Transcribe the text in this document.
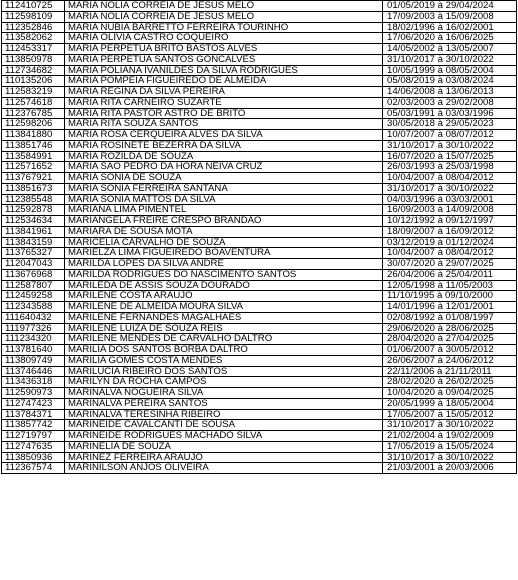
112410725	MARIA NOLIA CORREIA DE JESUS MELO	01/05/2019 à 29/04/2024
112598109	MARIA NOLIA CORREIA DE JESUS MELO	17/09/2003 à 15/09/2008
112352846	MARIA NUBIA BARRETTO FERREIRA TOURINHO	18/02/1996 à 16/02/2001
113582062	MARIA OLIVIA CASTRO COQUEIRO	17/06/2020 à 16/06/2025
112453317	MARIA PERPETUA BRITO BASTOS ALVES	14/05/2002 à 13/05/2007
113850978	MARIA PERPETUA SANTOS GONCALVES	31/10/2017 à 30/10/2022
112734682	MARIA POLIANA IVANILDES DA SILVA RODRIGUES	10/05/1999 à 08/05/2004
110135206	MARIA POMPEIA FIGUEIREDO DE ALMEIDA	05/08/2019 à 03/08/2024
112583219	MARIA REGINA DA SILVA PEREIRA	14/06/2008 à 13/06/2013
112574618	MARIA RITA CARNEIRO SUZARTE	02/03/2003 à 29/02/2008
112376785	MARIA RITA PASTOR ASTRO DE BRITO	05/03/1991 à 03/03/1996
112598206	MARIA RITA SOUZA SANTOS	30/05/2018 à 29/05/2023
113841880	MARIA ROSA CERQUEIRA ALVES DA SILVA	10/07/2007 à 08/07/2012
113851746	MARIA ROSINETE BEZERRA DA SILVA	31/10/2017 à 30/10/2022
113584991	MARIA ROZILDA DE SOUZA	16/07/2020 à 15/07/2025
112571652	MARIA SAO PEDRO DA HORA NEIVA CRUZ	26/03/1993 à 25/03/1998
113767921	MARIA SONIA DE SOUZA	10/04/2007 à 08/04/2012
113851673	MARIA SONIA FERREIRA SANTANA	31/10/2017 à 30/10/2022
112385548	MARIA SONIA MATTOS DA SILVA	04/03/1996 à 03/03/2001
112592878	MARIANA LIMA PIMENTEL	16/09/2003 à 14/09/2008
112534634	MARIANGELA FREIRE CRESPO BRANDAO	10/12/1992 à 09/12/1997
113841961	MARIARA DE SOUSA MOTA	18/09/2007 à 16/09/2012
113843159	MARICELIA CARVALHO DE SOUZA	03/12/2019 à 01/12/2024
113765327	MARIELZA LIMA FIGUEIREDO BOAVENTURA	10/04/2007 à 08/04/2012
112047043	MARILDA LOPES DA SILVA ANDRE	30/07/2020 à 29/07/2025
113676968	MARILDA RODRIGUES DO NASCIMENTO SANTOS	26/04/2006 à 25/04/2011
112587807	MARILEDA DE ASSIS SOUZA DOURADO	12/05/1998 à 11/05/2003
112459258	MARILENE COSTA ARAUJO	11/10/1995 à 09/10/2000
112343588	MARILENE DE ALMEIDA MOURA SILVA	14/01/1996 à 12/01/2001
111640432	MARILENE FERNANDES MAGALHAES	02/08/1992 à 01/08/1997
111977326	MARILENE LUIZA DE SOUZA REIS	29/06/2020 à 28/06/2025
111234320	MARILENE MENDES DE CARVALHO DALTRO	28/04/2020 à 27/04/2025
113781640	MARILIA DOS SANTOS BORBA DALTRO	01/06/2007 à 30/05/2012
113809749	MARILIA GOMES COSTA MENDES	26/06/2007 à 24/06/2012
113746446	MARILUCIA RIBEIRO DOS SANTOS	22/11/2006 à 21/11/2011
113436318	MARILYN DA ROCHA CAMPOS	28/02/2020 à 26/02/2025
112590973	MARINALVA NOGUEIRA SILVA	10/04/2020 à 09/04/2025
112747423	MARINALVA PEREIRA SANTOS	20/05/1999 à 18/05/2004
113784371	MARINALVA TERESINHA RIBEIRO	17/05/2007 à 15/05/2012
113857742	MARINEIDE CAVALCANTI DE SOUSA	31/10/2017 à 30/10/2022
112719797	MARINEIDE RODRIGUES MACHADO SILVA	21/02/2004 à 19/02/2009
112747635	MARINELIA DE SOUZA	17/05/2019 à 15/05/2024
113850936	MARINEZ FERREIRA ARAUJO	31/10/2017 à 30/10/2022
112367574	MARINILSON ANJOS OLIVEIRA	21/03/2001 à 20/03/2006
